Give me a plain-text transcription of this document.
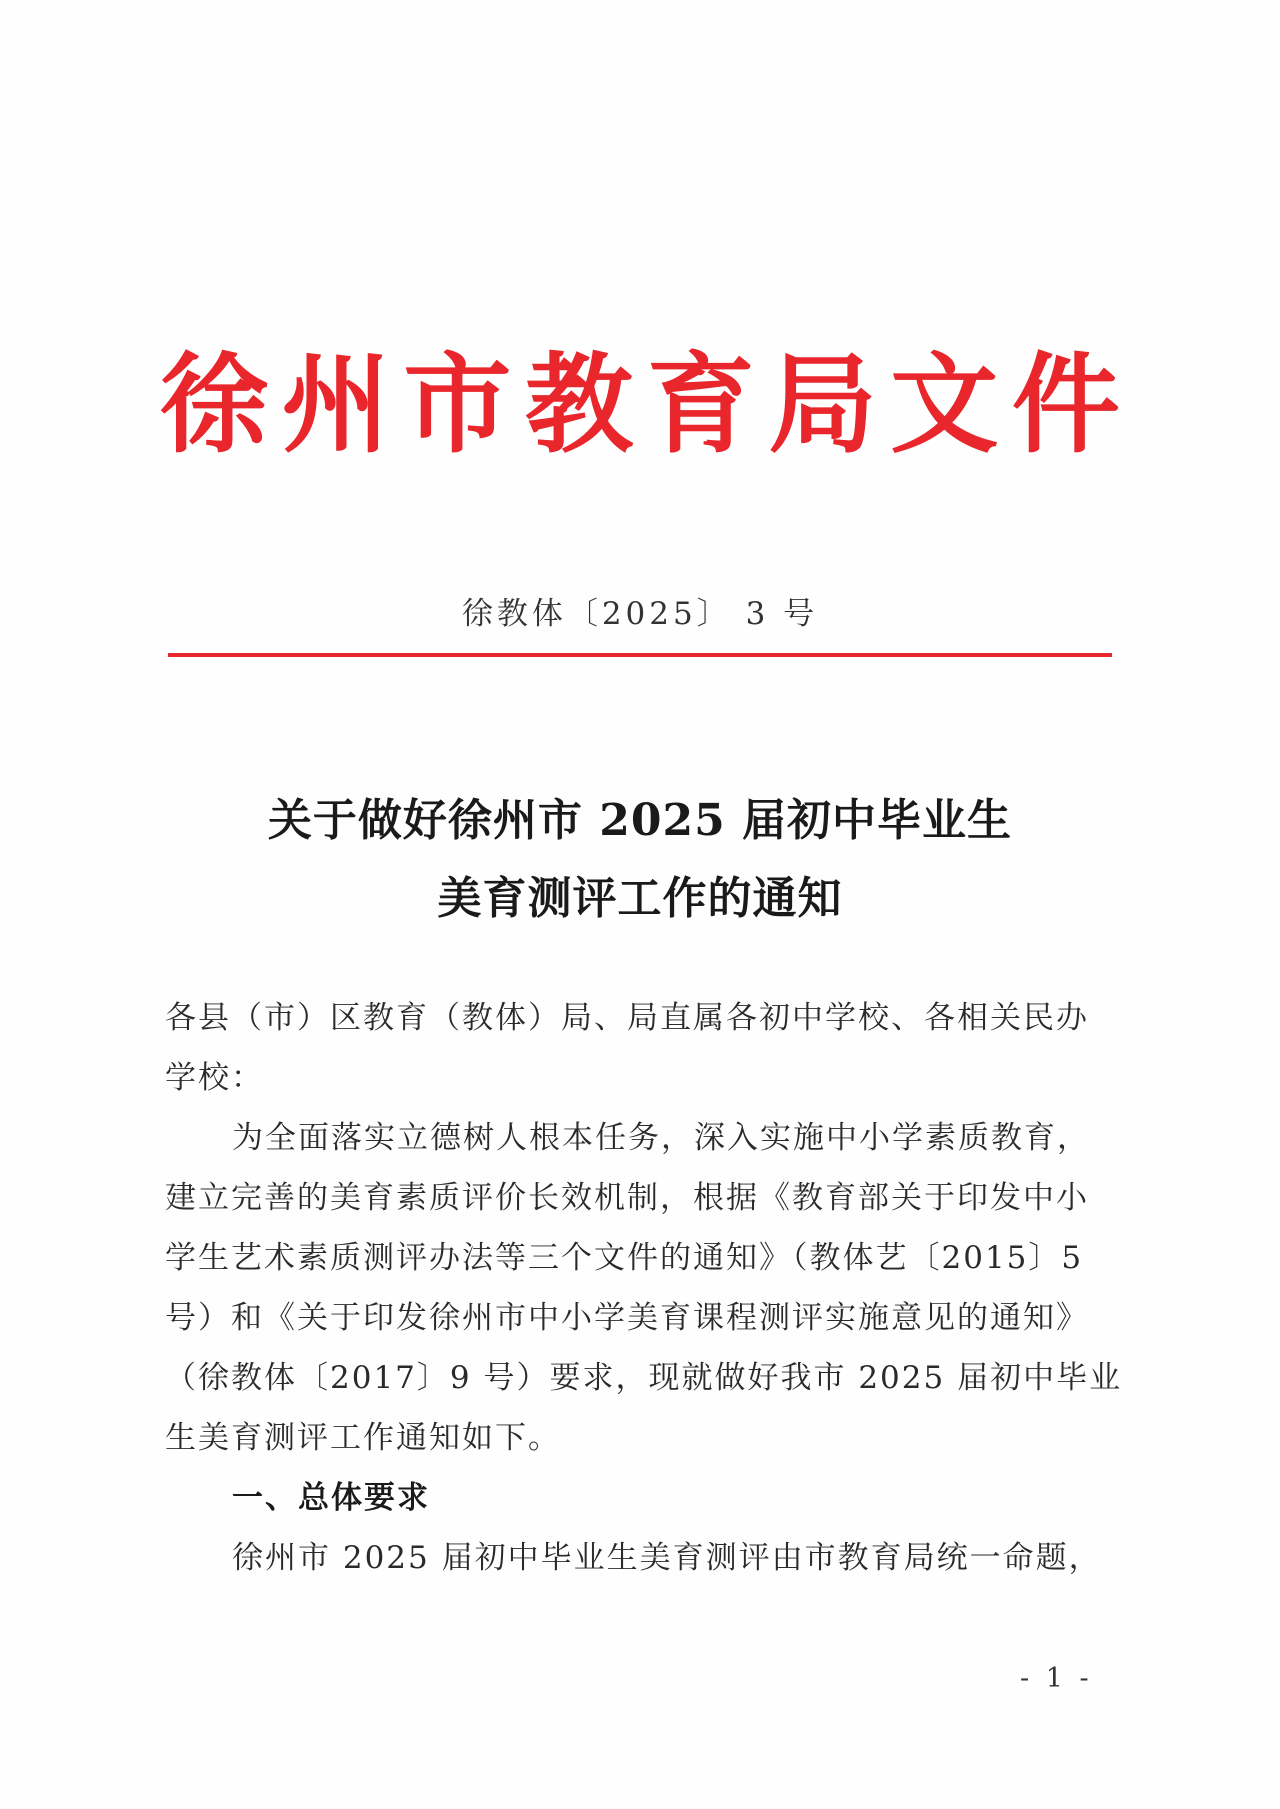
徐 州 市 教 育 局 文 件
徐教体〔2025〕 3 号
关于做好徐州市 2025 届初中毕业生
美育测评工作的通知
各县（市）区教育（教体）局、局直属各初中学校、各相关民办
学校：
为全面落实立德树人根本任务，深入实施中小学素质教育，
建立完善的美育素质评价长效机制，根据《教育部关于印发中小
学生艺术素质测评办法等三个文件的通知》（教体艺〔2015〕5
号）和《关于印发徐州市中小学美育课程测评实施意见的通知》
（徐教体〔2017〕9 号）要求，现就做好我市 2025 届初中毕业
生美育测评工作通知如下。
一、总体要求
徐州市 2025 届初中毕业生美育测评由市教育局统一命题，
- 1 -
